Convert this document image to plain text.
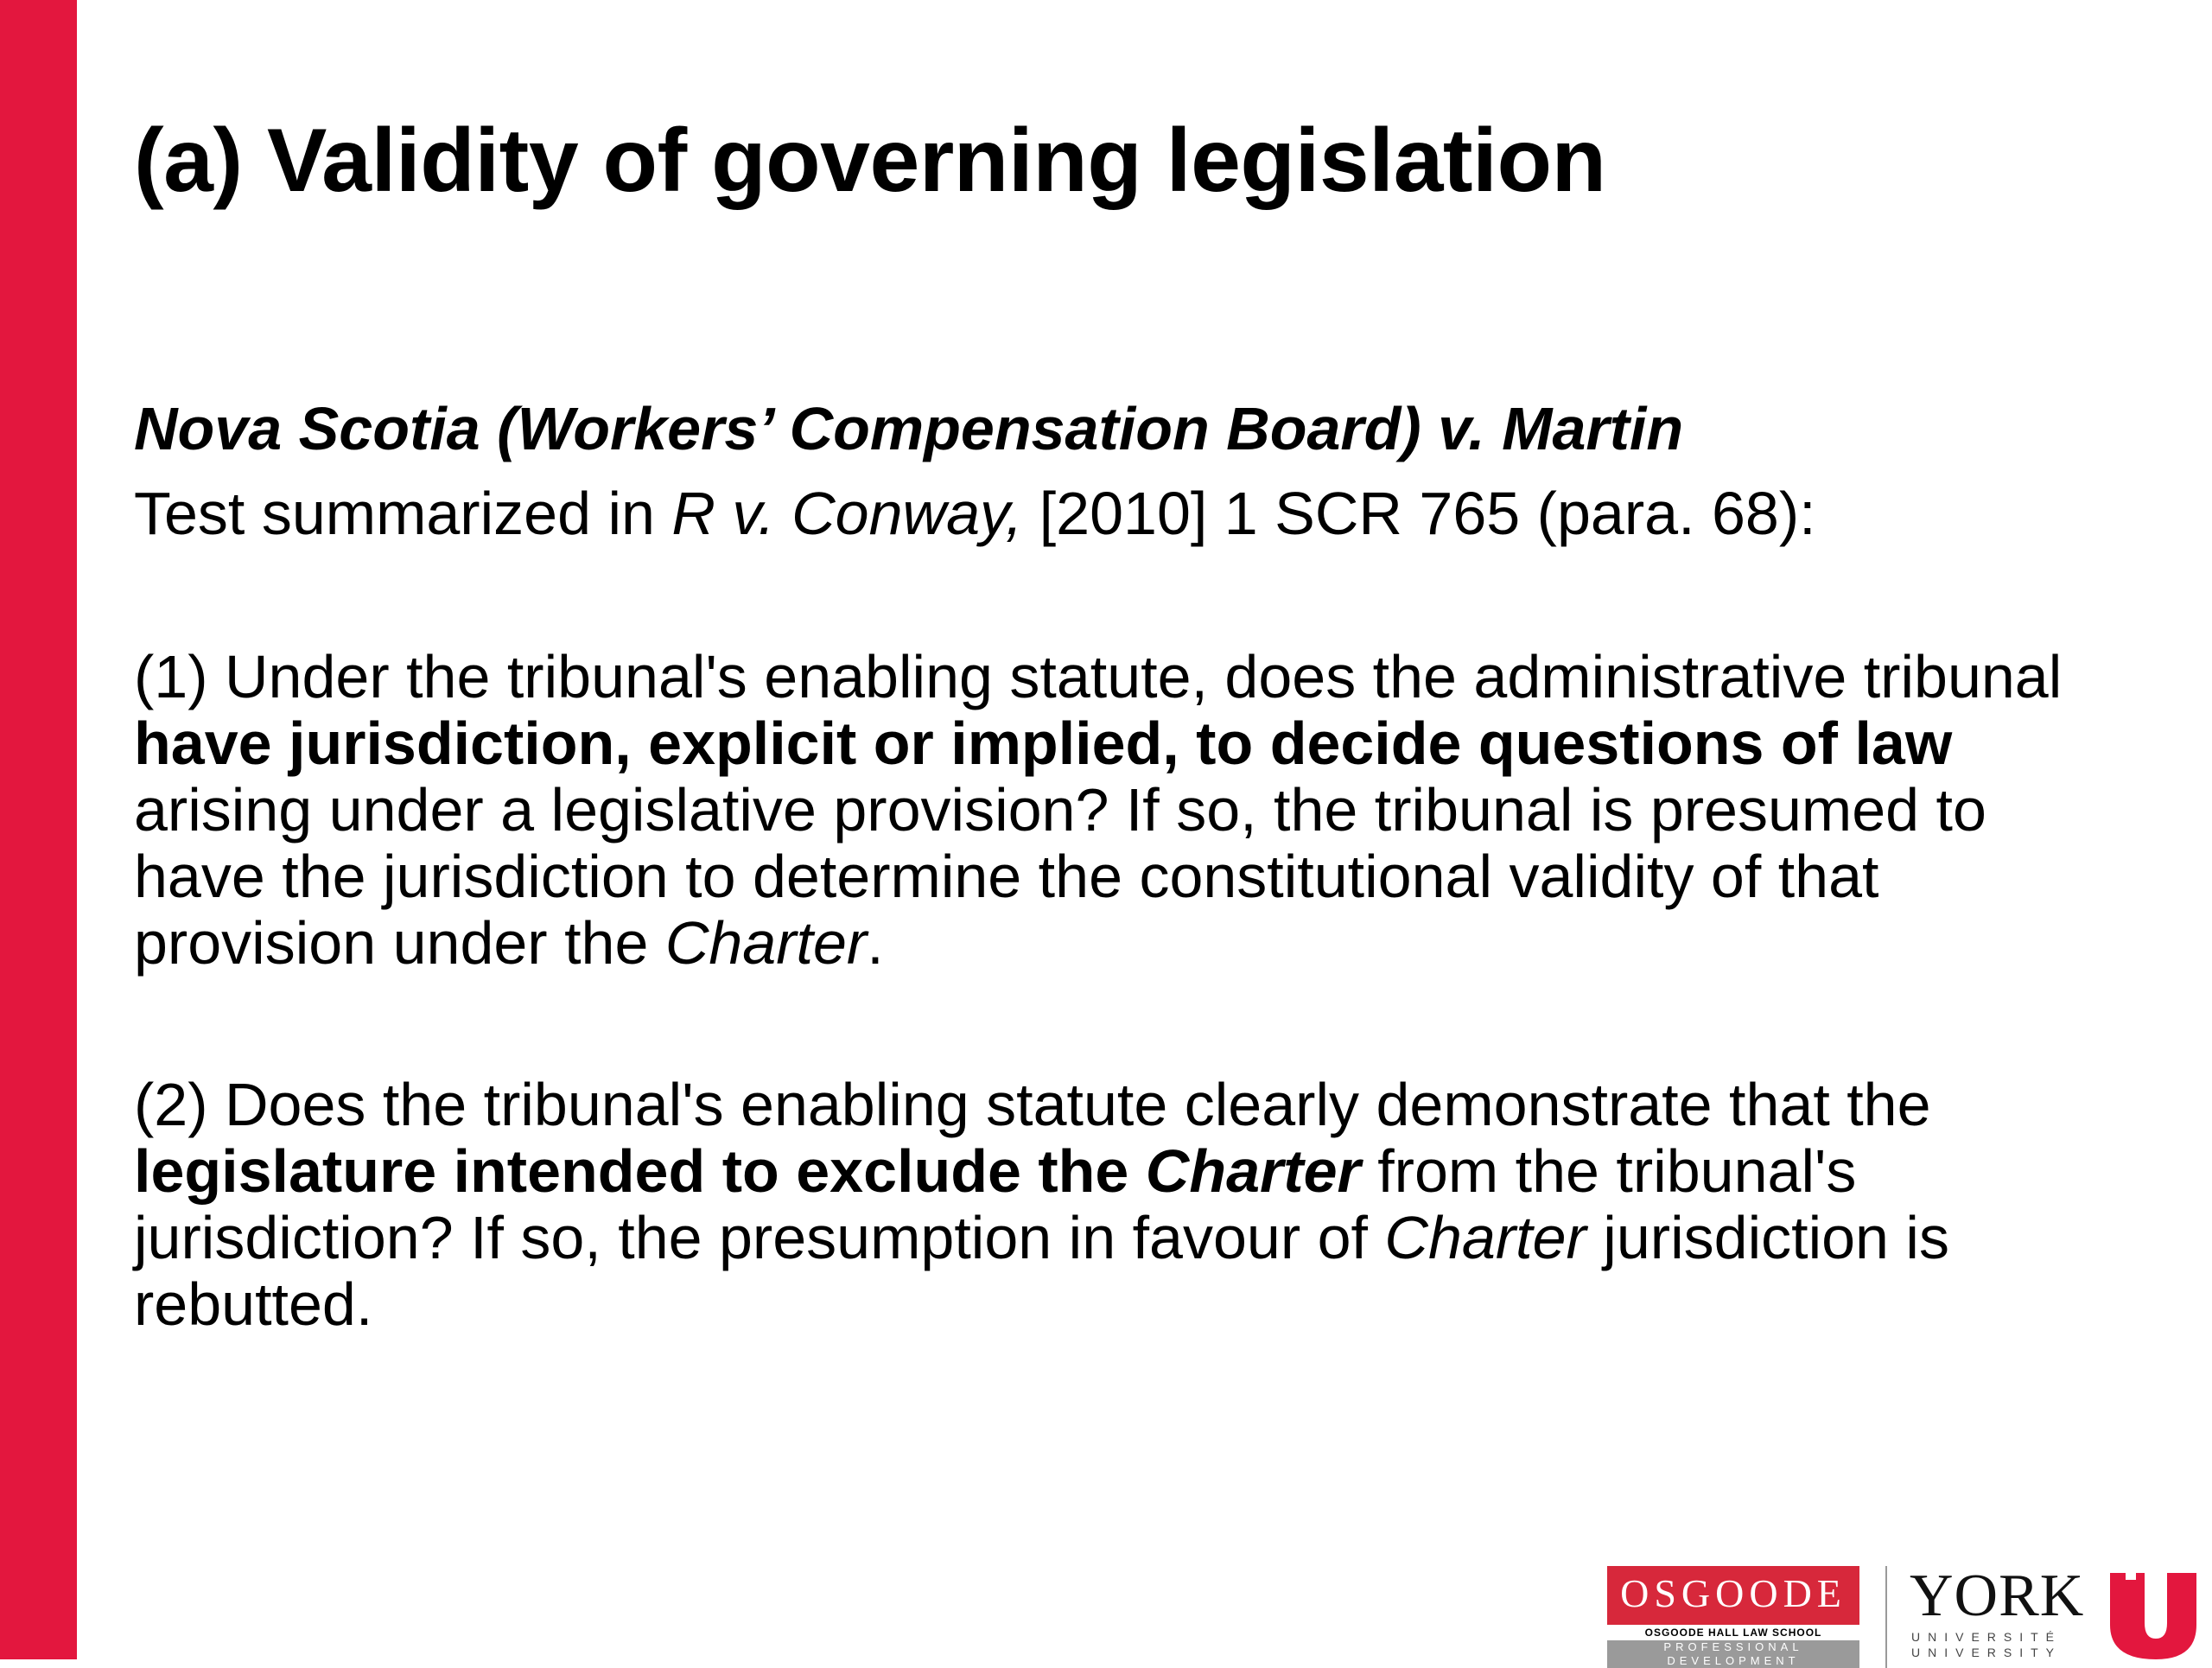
(a) Validity of governing legislation

Nova Scotia (Workers’ Compensation Board) v. Martin

Test summarized in R v. Conway, [2010] 1 SCR 765 (para. 68):

(1) Under the tribunal's enabling statute, does the administrative tribunal have jurisdiction, explicit or implied, to decide questions of law arising under a legislative provision? If so, the tribunal is presumed to have the jurisdiction to determine the constitutional validity of that provision under the Charter.

(2) Does the tribunal's enabling statute clearly demonstrate that the legislature intended to exclude the Charter from the tribunal's jurisdiction? If so, the presumption in favour of Charter jurisdiction is rebutted.

OSGOODE
OSGOODE HALL LAW SCHOOL
PROFESSIONAL
DEVELOPMENT
YORK
UNIVERSITÉ
UNIVERSITY
